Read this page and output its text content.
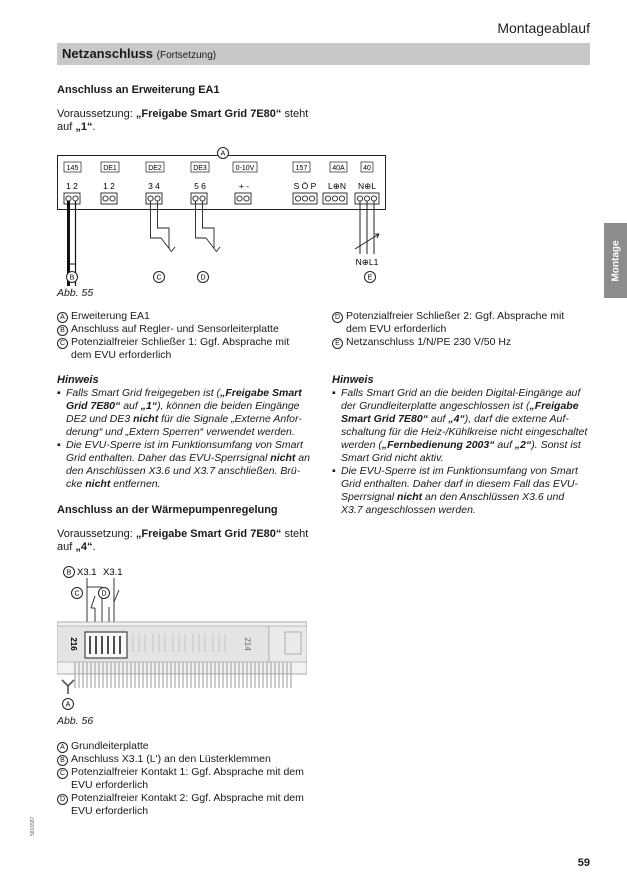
Montageablauf
Netzanschluss (Fortsetzung)
Montage
Anschluss an Erweiterung EA1
Voraussetzung: „Freigabe Smart Grid 7E80“ steht
auf „1“.
A
145	DE1	DE2	DE3	0-10V	157	40A	40
1 2	1 2	3 4	5 6	+ -	S Ö P L⊕N N⊕L
B	C	D
N⊕L1
E
Abb. 55
A Erweiterung EA1
B Anschluss auf Regler- und Sensorleiterplatte
C Potenzialfreier Schließer 1: Ggf. Absprache mit
dem EVU erforderlich
D Potenzialfreier Schließer 2: Ggf. Absprache mit
dem EVU erforderlich
E Netzanschluss 1/N/PE 230 V/50 Hz
Hinweis
▪ Falls Smart Grid freigegeben ist („Freigabe Smart
Grid 7E80“ auf „1“), können die beiden Eingänge
DE2 und DE3 nicht für die Signale „Externe Anfor-
derung“ und „Extern Sperren“ verwendet werden.
▪ Die EVU-Sperre ist im Funktionsumfang von Smart
Grid enthalten. Daher das EVU-Sperrsignal nicht an
den Anschlüssen X3.6 und X3.7 anschließen. Brü-
cke nicht entfernen.
Hinweis
▪ Falls Smart Grid an die beiden Digital-Eingänge auf
der Grundleiterplatte angeschlossen ist („Freigabe
Smart Grid 7E80“ auf „4“), darf die externe Auf-
schaltung für die Heiz-/Kühlkreise nicht eingeschaltet
werden („Fernbedienung 2003“ auf „2“). Sonst ist
Smart Grid nicht aktiv.
▪ Die EVU-Sperre ist im Funktionsumfang von Smart
Grid enthalten. Daher darf in diesem Fall das EVU-
Sperrsignal nicht an den Anschlüssen X3.6 und
X3.7 angeschlossen werden.
Anschluss an der Wärmepumpenregelung
Voraussetzung: „Freigabe Smart Grid 7E80“ steht
auf „4“.
B X3.1 X3.1
C	D
216	214
A
Abb. 56
A Grundleiterplatte
B Anschluss X3.1 (L') an den Lüsterklemmen
C Potenzialfreier Kontakt 1: Ggf. Absprache mit dem
EVU erforderlich
D Potenzialfreier Kontakt 2: Ggf. Absprache mit dem
EVU erforderlich
5816587
59
